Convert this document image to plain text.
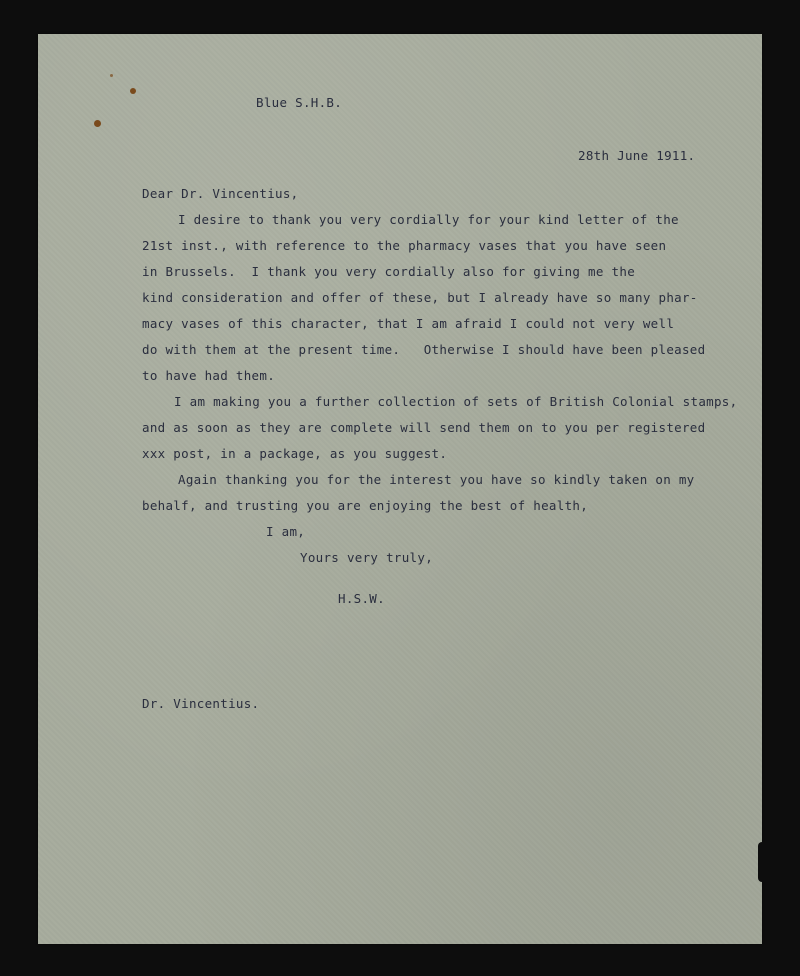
Blue S.H.B.
28th June 1911.
Dear Dr. Vincentius,
I desire to thank you very cordially for your kind letter of the
21st inst., with reference to the pharmacy vases that you have seen
in Brussels.  I thank you very cordially also for giving me the
kind consideration and offer of these, but I already have so many phar-
macy vases of this character, that I am afraid I could not very well
do with them at the present time.   Otherwise I should have been pleased
to have had them.
I am making you a further collection of sets of British Colonial stamps,
and as soon as they are complete will send them on to you per registered
xxx post, in a package, as you suggest.
Again thanking you for the interest you have so kindly taken on my
behalf, and trusting you are enjoying the best of health,
I am,
Yours very truly,
H.S.W.
Dr. Vincentius.
